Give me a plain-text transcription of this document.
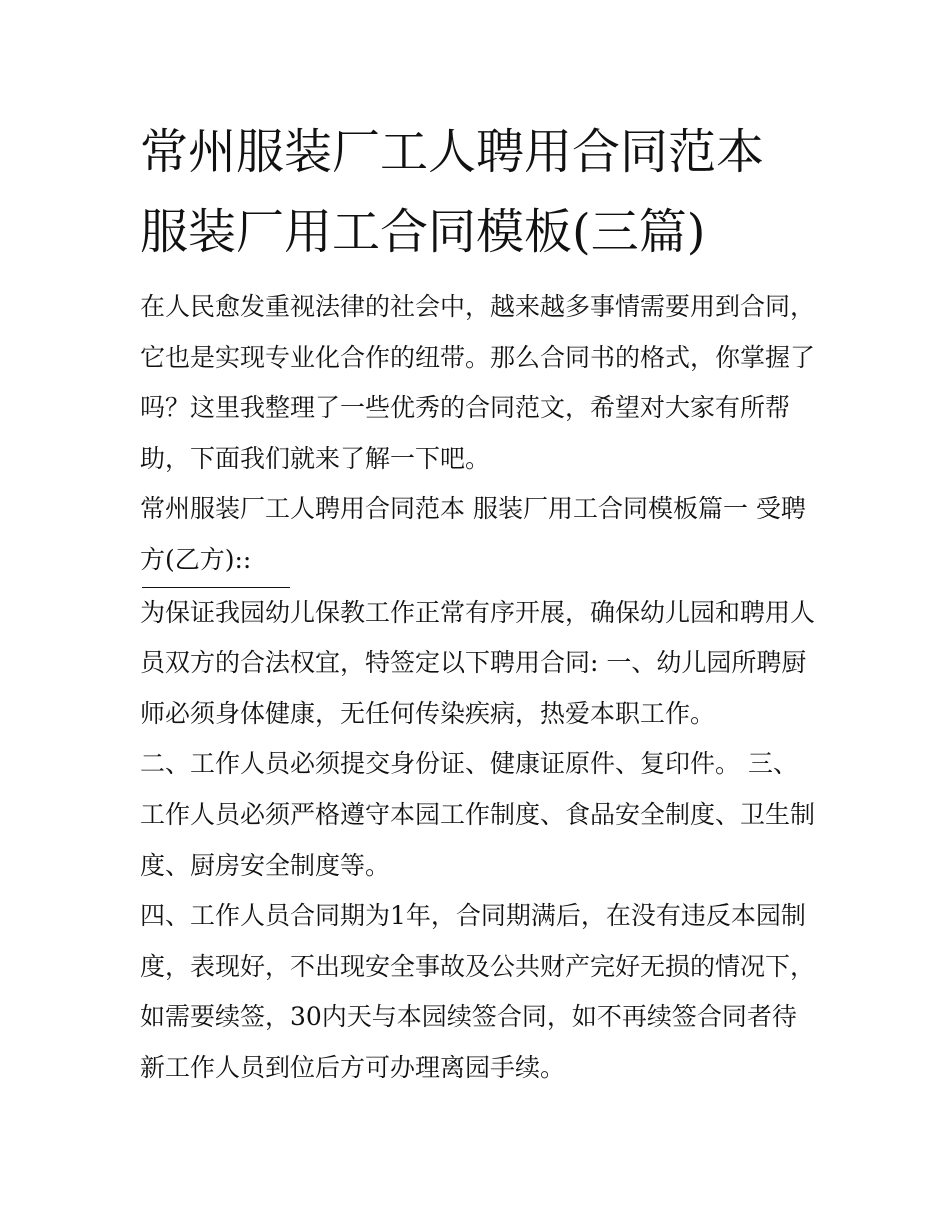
常州服装厂工人聘用合同范本
服装厂用工合同模板(三篇)

在人民愈发重视法律的社会中，越来越多事情需要用到合同，
它也是实现专业化合作的纽带。那么合同书的格式，你掌握了
吗？这里我整理了一些优秀的合同范文，希望对大家有所帮
助，下面我们就来了解一下吧。

常州服装厂工人聘用合同范本 服装厂用工合同模板篇一 受聘
方(乙方)::

为保证我园幼儿保教工作正常有序开展，确保幼儿园和聘用人
员双方的合法权宜，特签定以下聘用合同: 一、幼儿园所聘厨
师必须身体健康，无任何传染疾病，热爱本职工作。

二、工作人员必须提交身份证、健康证原件、复印件。 三、
工作人员必须严格遵守本园工作制度、食品安全制度、卫生制
度、厨房安全制度等。

四、工作人员合同期为1年，合同期满后，在没有违反本园制
度，表现好，不出现安全事故及公共财产完好无损的情况下，
如需要续签，30内天与本园续签合同，如不再续签合同者待
新工作人员到位后方可办理离园手续。
